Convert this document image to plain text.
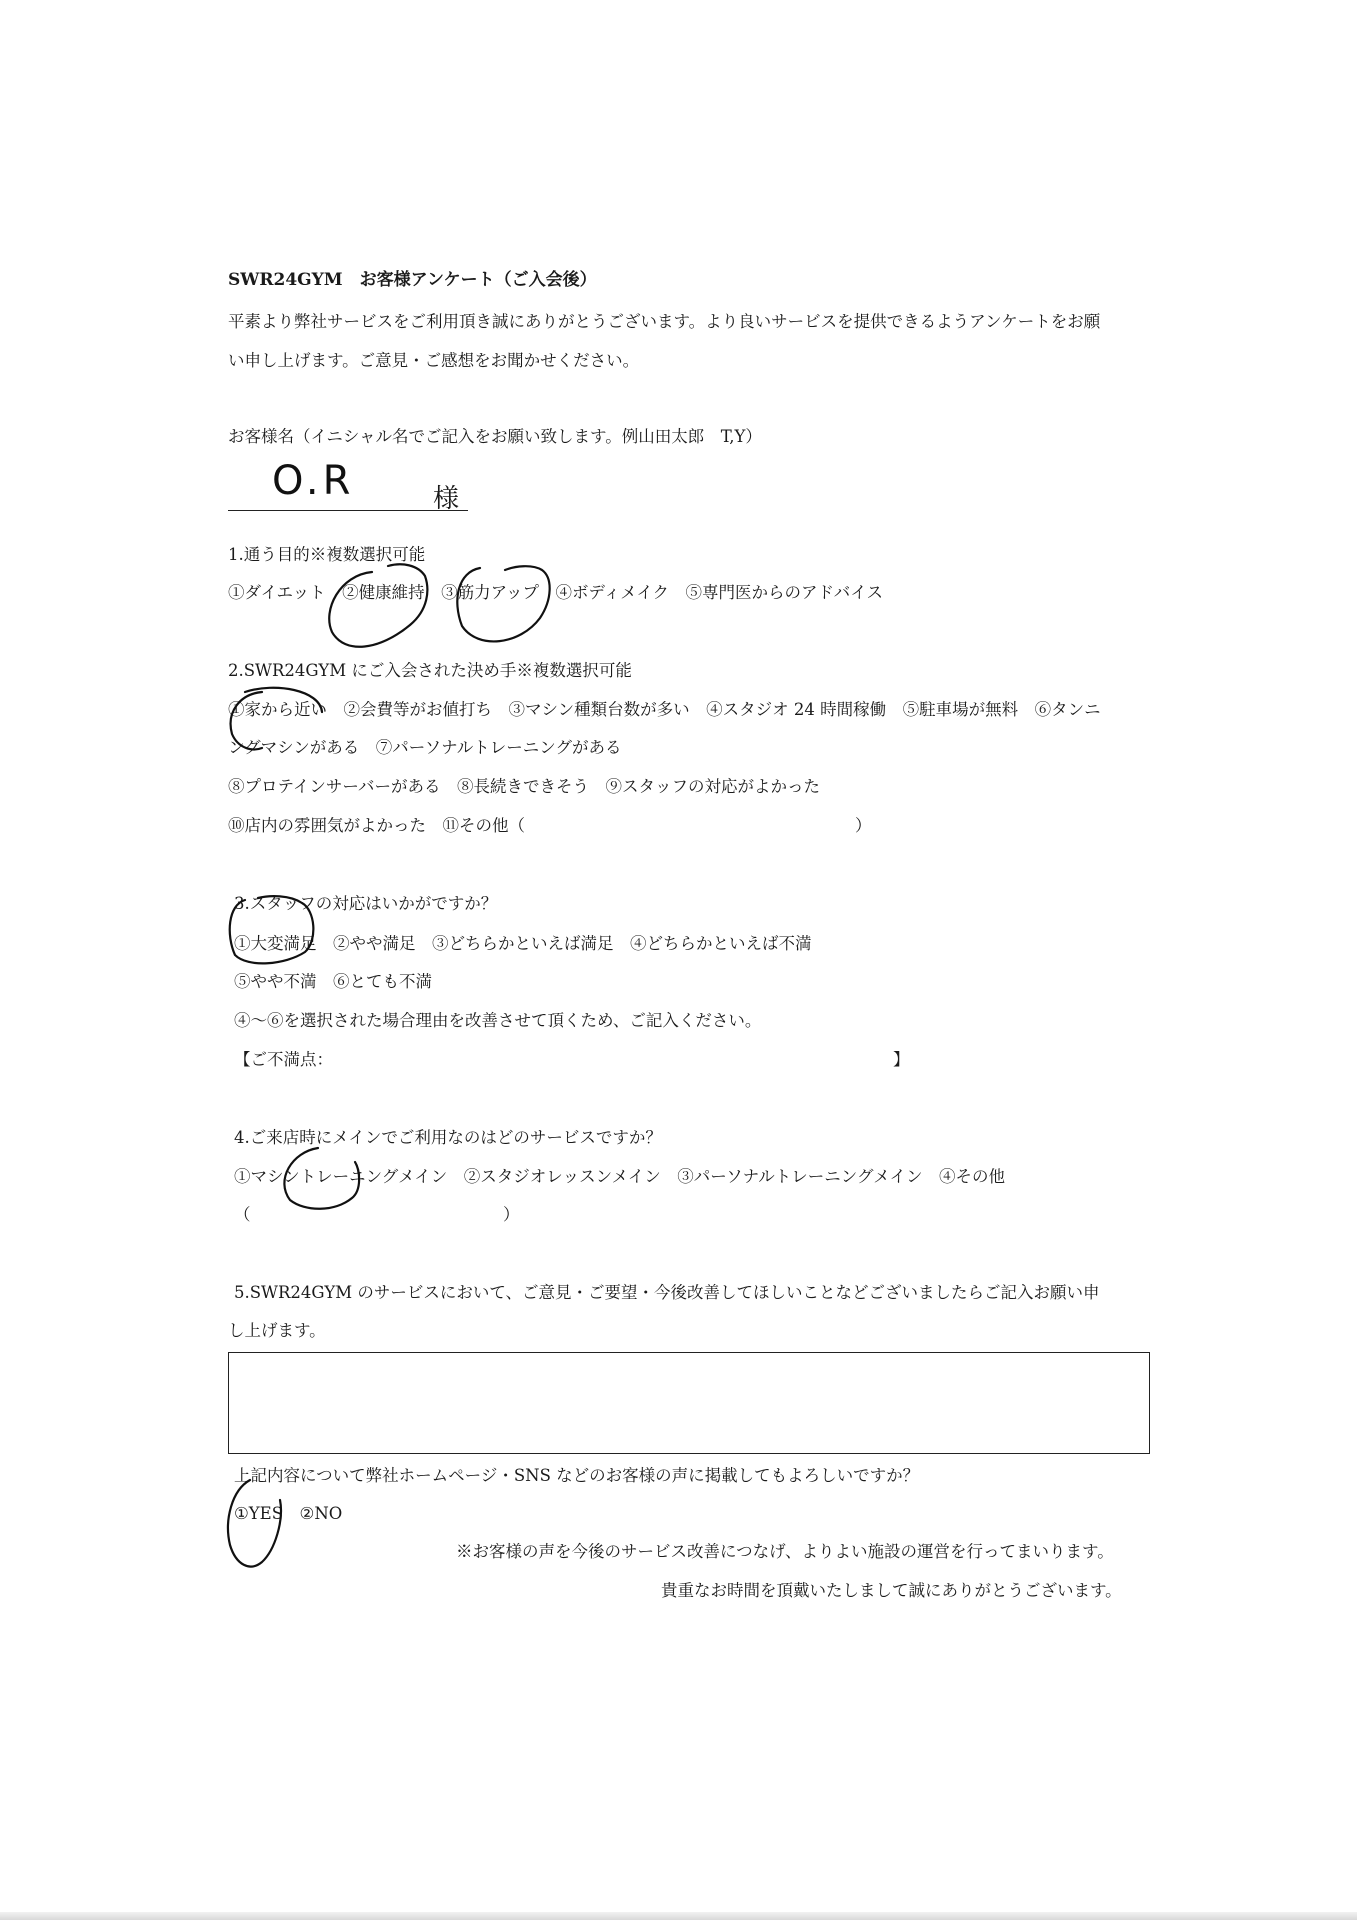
SWR24GYM　お客様アンケート（ご入会後）
平素より弊社サービスをご利用頂き誠にありがとうございます。より良いサービスを提供できるようアンケートをお願
い申し上げます。ご意見・ご感想をお聞かせください。
お客様名（イニシャル名でご記入をお願い致します。例山田太郎　T,Y）
O.R	様
1.通う目的※複数選択可能
①ダイエット　②健康維持　③筋力アップ　④ボディメイク　⑤専門医からのアドバイス
2.SWR24GYM にご入会された決め手※複数選択可能
①家から近い　②会費等がお値打ち　③マシン種類台数が多い　④スタジオ 24 時間稼働　⑤駐車場が無料　⑥タンニ
ングマシンがある　⑦パーソナルトレーニングがある
⑧プロテインサーバーがある　⑧長続きできそう　⑨スタッフの対応がよかった
⑩店内の雰囲気がよかった　⑪その他（　　　　　　　　　　　　　　　　　　　　）
3.スタッフの対応はいかがですか？
①大変満足　②やや満足　③どちらかといえば満足　④どちらかといえば不満
⑤やや不満　⑥とても不満
④～⑥を選択された場合理由を改善させて頂くため、ご記入ください。
【ご不満点：	】
4.ご来店時にメインでご利用なのはどのサービスですか？
①マシントレーニングメイン　②スタジオレッスンメイン　③パーソナルトレーニングメイン　④その他
（	）
5.SWR24GYM のサービスにおいて、ご意見・ご要望・今後改善してほしいことなどございましたらご記入お願い申
し上げます。
上記内容について弊社ホームページ・SNS などのお客様の声に掲載してもよろしいですか？
①YES　②NO
※お客様の声を今後のサービス改善につなげ、よりよい施設の運営を行ってまいります。
貴重なお時間を頂戴いたしまして誠にありがとうございます。
